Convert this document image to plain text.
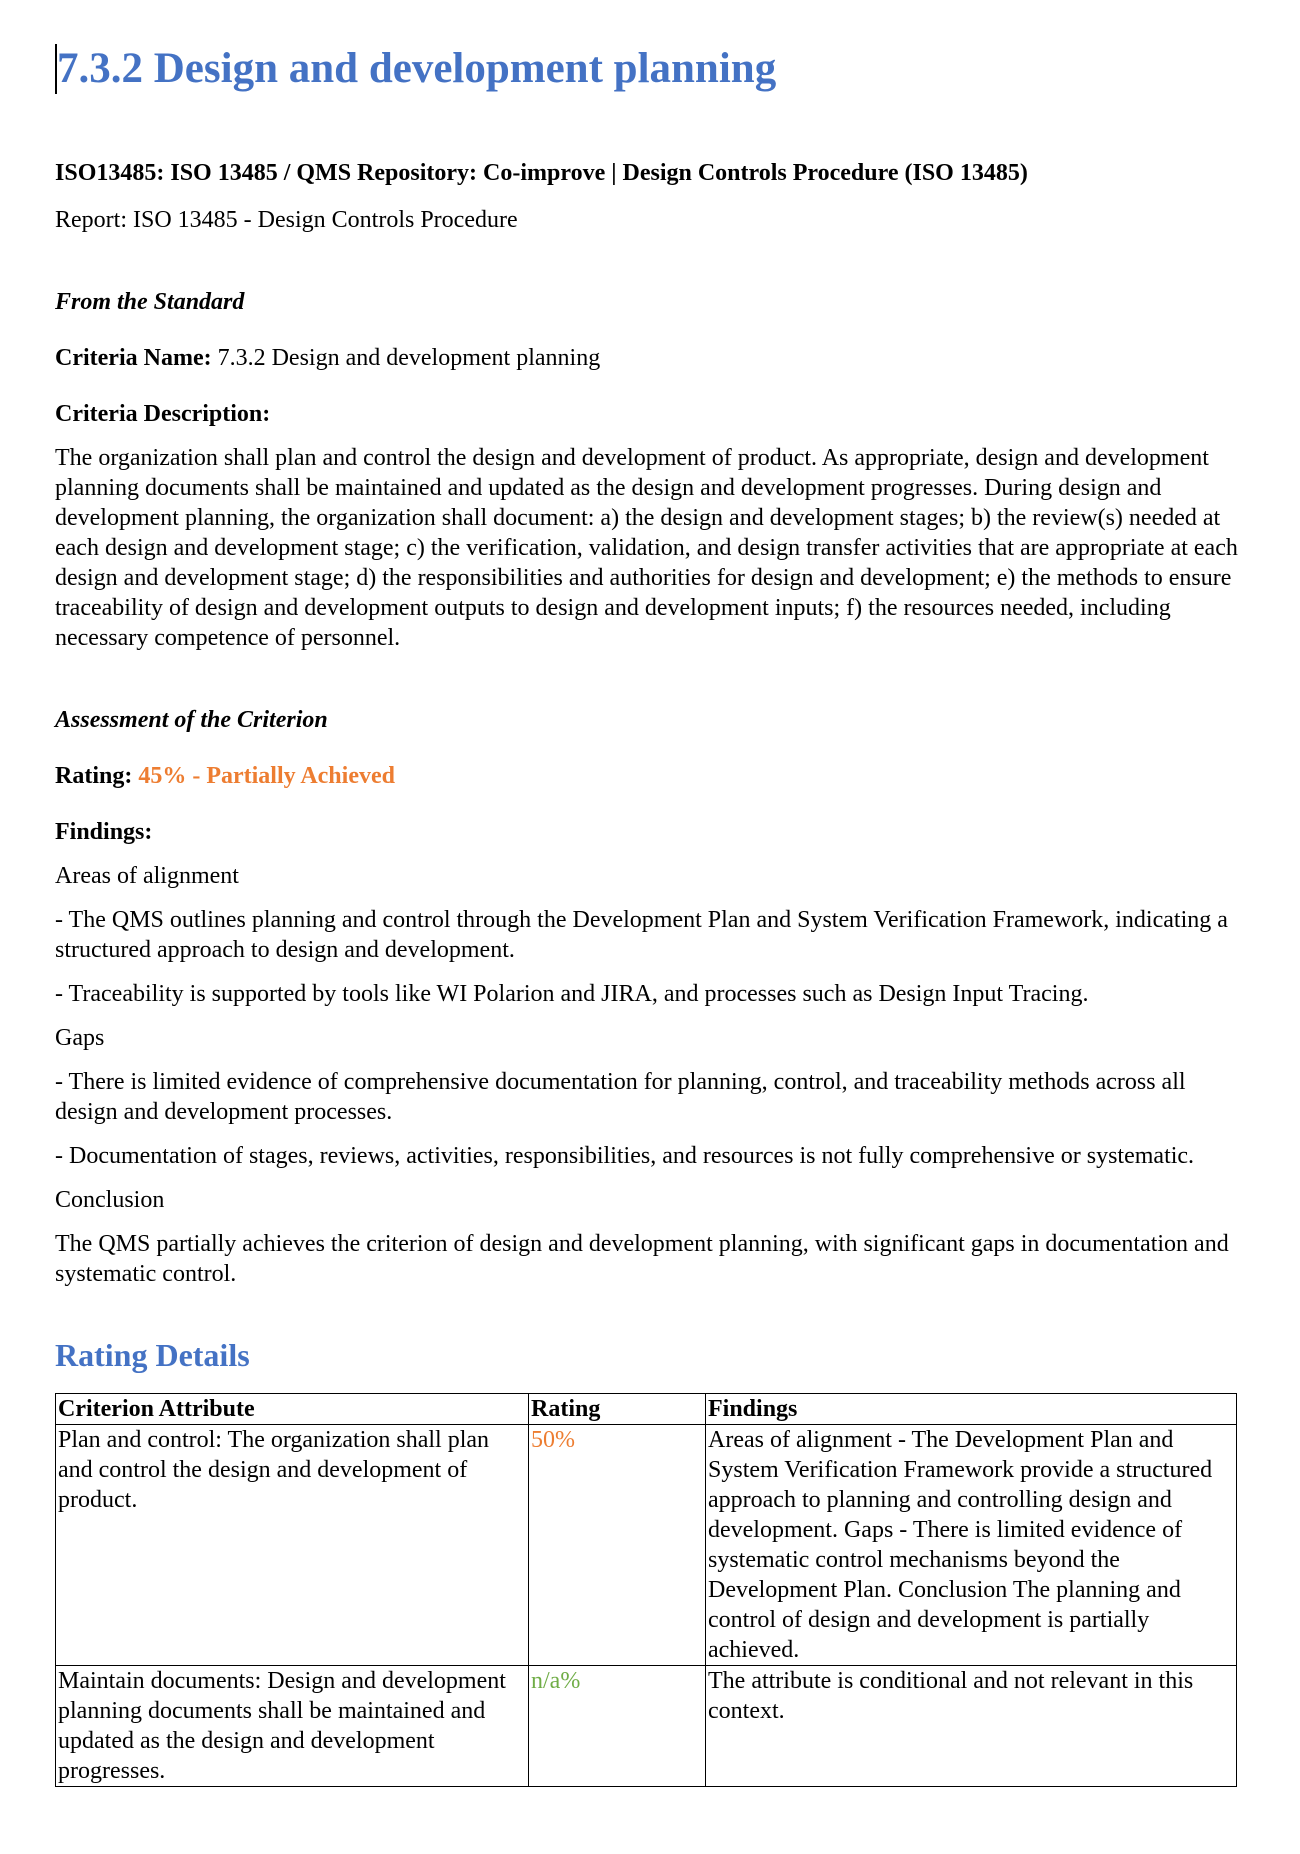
7.3.2 Design and development planning

ISO13485: ISO 13485 / QMS Repository: Co-improve | Design Controls Procedure (ISO 13485)

Report: ISO 13485 - Design Controls Procedure

From the Standard

Criteria Name: 7.3.2 Design and development planning

Criteria Description:

The organization shall plan and control the design and development of product. As appropriate, design and development planning documents shall be maintained and updated as the design and development progresses. During design and development planning, the organization shall document: a) the design and development stages; b) the review(s) needed at each design and development stage; c) the verification, validation, and design transfer activities that are appropriate at each design and development stage; d) the responsibilities and authorities for design and development; e) the methods to ensure traceability of design and development outputs to design and development inputs; f) the resources needed, including necessary competence of personnel.

Assessment of the Criterion

Rating: 45% - Partially Achieved

Findings:

Areas of alignment

- The QMS outlines planning and control through the Development Plan and System Verification Framework, indicating a structured approach to design and development.

- Traceability is supported by tools like WI Polarion and JIRA, and processes such as Design Input Tracing.

Gaps

- There is limited evidence of comprehensive documentation for planning, control, and traceability methods across all design and development processes.

- Documentation of stages, reviews, activities, responsibilities, and resources is not fully comprehensive or systematic.

Conclusion

The QMS partially achieves the criterion of design and development planning, with significant gaps in documentation and systematic control.

Rating Details
Criterion Attribute	Rating	Findings
Plan and control: The organization shall plan and control the design and development of product.	50%	Areas of alignment - The Development Plan and System Verification Framework provide a structured approach to planning and controlling design and development. Gaps - There is limited evidence of systematic control mechanisms beyond the Development Plan. Conclusion The planning and control of design and development is partially achieved.
Maintain documents: Design and development planning documents shall be maintained and updated as the design and development progresses.	n/a%	The attribute is conditional and not relevant in this context.
